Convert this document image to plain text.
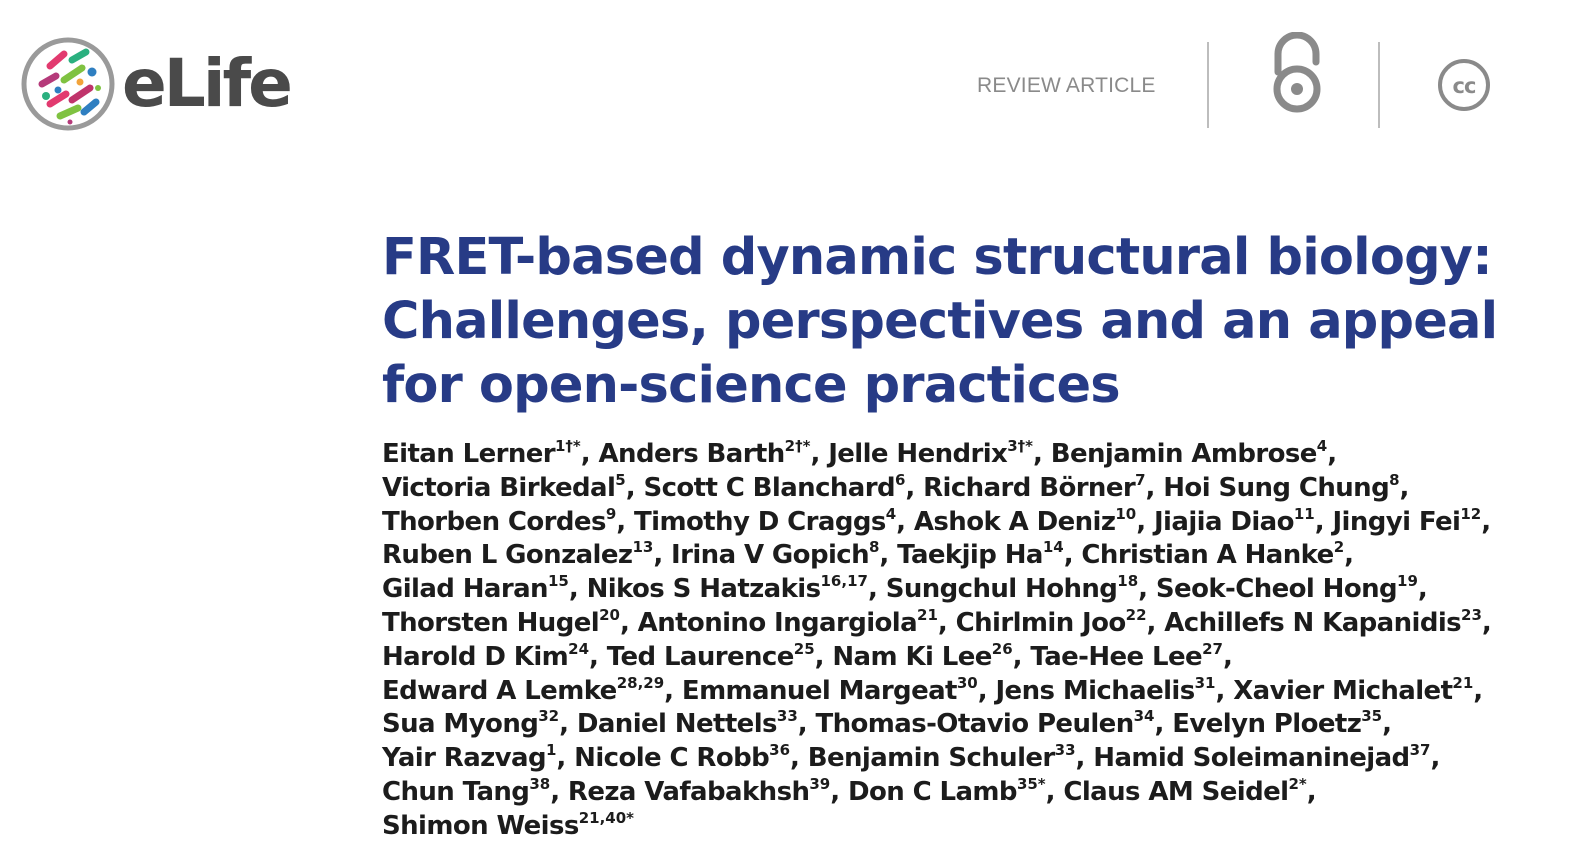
eLife	REVIEW ARTICLE	cc
FRET-based dynamic structural biology:
Challenges, perspectives and an appeal
for open-science practices

Eitan Lerner$^{1\dagger*}$, Anders Barth$^{2\dagger*}$, Jelle Hendrix$^{3\dagger*}$, Benjamin Ambrose$^4$,
Victoria Birkedal$^5$, Scott C Blanchard$^6$, Richard Börner$^7$, Hoi Sung Chung$^8$,
Thorben Cordes$^9$, Timothy D Craggs$^4$, Ashok A Deniz$^{10}$, Jiajia Diao$^{11}$, Jingyi Fei$^{12}$,
Ruben L Gonzalez$^{13}$, Irina V Gopich$^8$, Taekjip Ha$^{14}$, Christian A Hanke$^2$,
Gilad Haran$^{15}$, Nikos S Hatzakis$^{16,17}$, Sungchul Hohng$^{18}$, Seok-Cheol Hong$^{19}$,
Thorsten Hugel$^{20}$, Antonino Ingargiola$^{21}$, Chirlmin Joo$^{22}$, Achillefs N Kapanidis$^{23}$,
Harold D Kim$^{24}$, Ted Laurence$^{25}$, Nam Ki Lee$^{26}$, Tae-Hee Lee$^{27}$,
Edward A Lemke$^{28,29}$, Emmanuel Margeat$^{30}$, Jens Michaelis$^{31}$, Xavier Michalet$^{21}$,
Sua Myong$^{32}$, Daniel Nettels$^{33}$, Thomas-Otavio Peulen$^{34}$, Evelyn Ploetz$^{35}$,
Yair Razvag$^1$, Nicole C Robb$^{36}$, Benjamin Schuler$^{33}$, Hamid Soleimaninejad$^{37}$,
Chun Tang$^{38}$, Reza Vafabakhsh$^{39}$, Don C Lamb$^{35*}$, Claus AM Seidel$^{2*}$,
Shimon Weiss$^{21,40*}$
